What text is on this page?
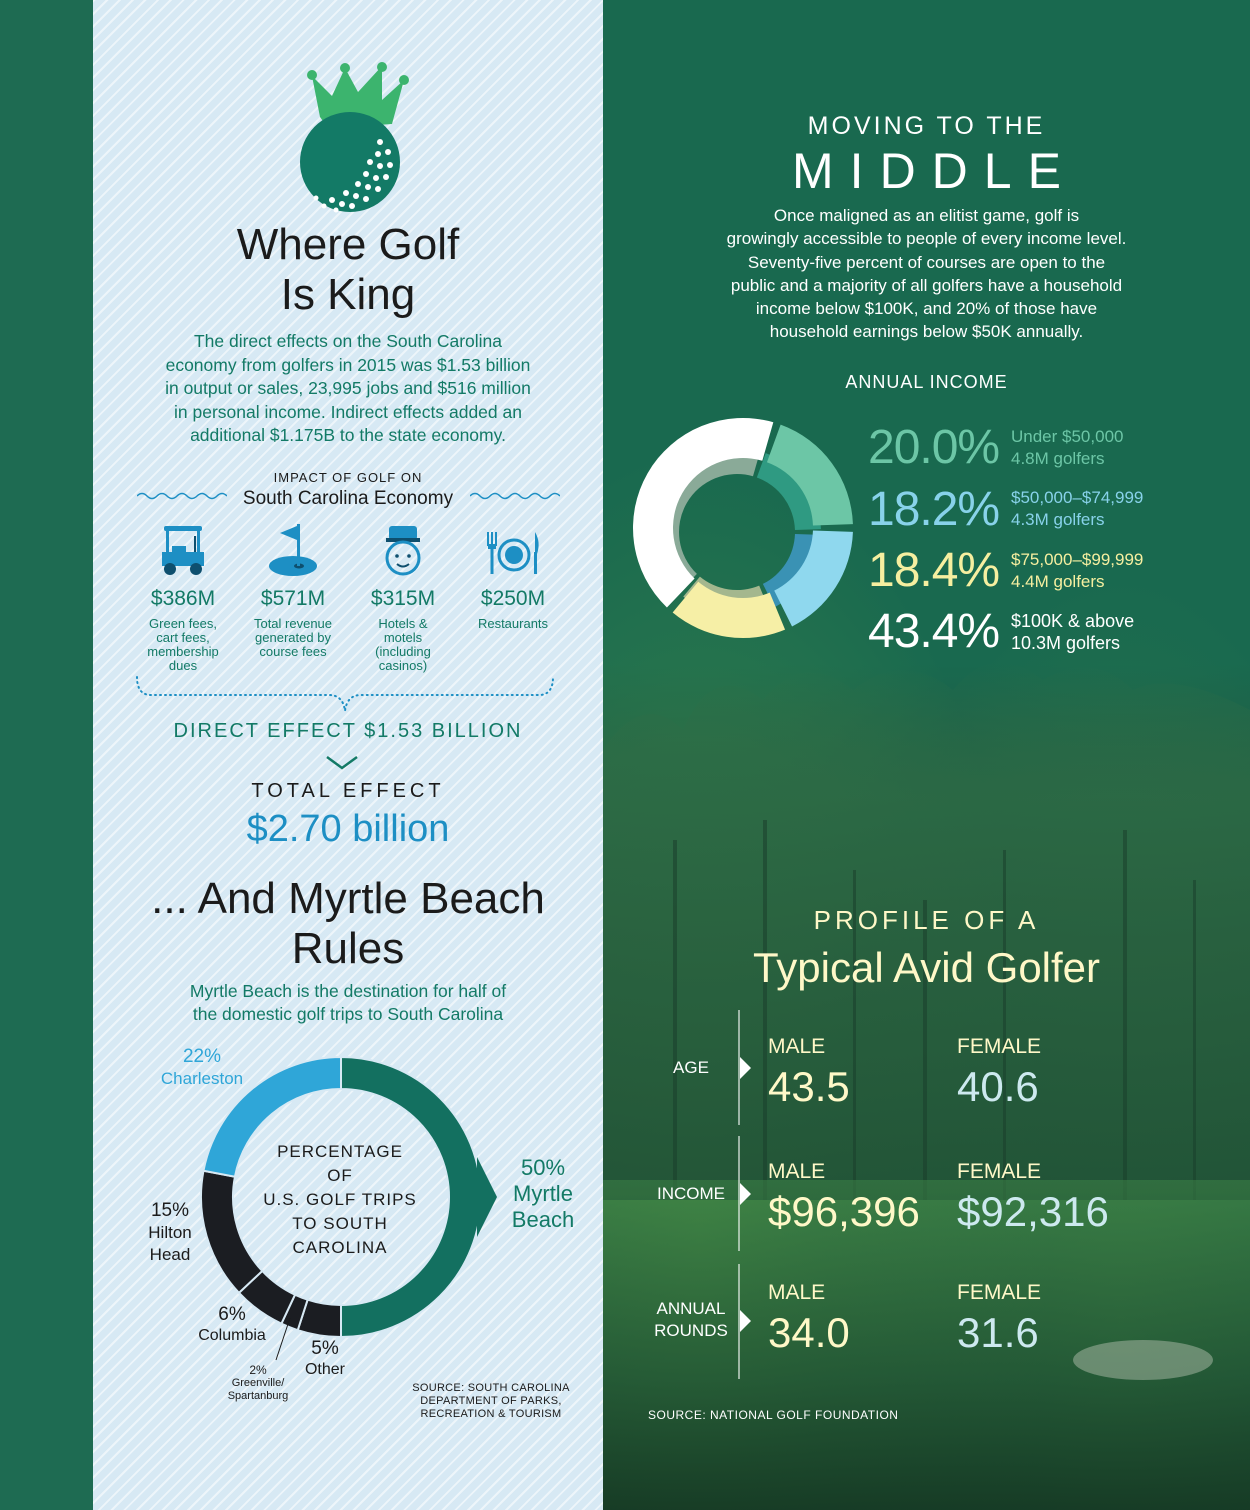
Where Golf
Is King
The direct effects on the South Carolina
economy from golfers in 2015 was $1.53 billion
in output or sales, 23,995 jobs and $516 million
in personal income. Indirect effects added an
additional $1.175B to the state economy.
IMPACT OF GOLF ON
South Carolina Economy
$386M
Green fees,
cart fees,
membership
dues
$571M
Total revenue
generated by
course fees
$315M
Hotels &
motels
(including
casinos)
$250M
Restaurants
DIRECT EFFECT $1.53 BILLION
TOTAL EFFECT
$2.70 billion
... And Myrtle Beach
Rules
Myrtle Beach is the destination for half of
the domestic golf trips to South Carolina
PERCENTAGE
OF
U.S. GOLF TRIPS
TO SOUTH
CAROLINA
22%
Charleston
50%
Myrtle
Beach
15%
Hilton
Head
6%
Columbia
5%
Other
2%
Greenville/
Spartanburg
SOURCE: SOUTH CAROLINA
DEPARTMENT OF PARKS,
RECREATION & TOURISM
MOVING TO THE
MIDDLE
Once maligned as an elitist game, golf is
growingly accessible to people of every income level.
Seventy-five percent of courses are open to the
public and a majority of all golfers have a household
income below $100K, and 20% of those have
household earnings below $50K annually.
ANNUAL INCOME
20.0% Under $50,000
4.8M golfers
18.2% $50,000–$74,999
4.3M golfers
18.4% $75,000–$99,999
4.4M golfers
43.4% $100K & above
10.3M golfers
PROFILE OF A
Typical Avid Golfer
AGE
MALE
43.5
FEMALE
40.6
INCOME
MALE
$96,396
FEMALE
$92,316
ANNUAL
ROUNDS
MALE
34.0
FEMALE
31.6
SOURCE: NATIONAL GOLF FOUNDATION
